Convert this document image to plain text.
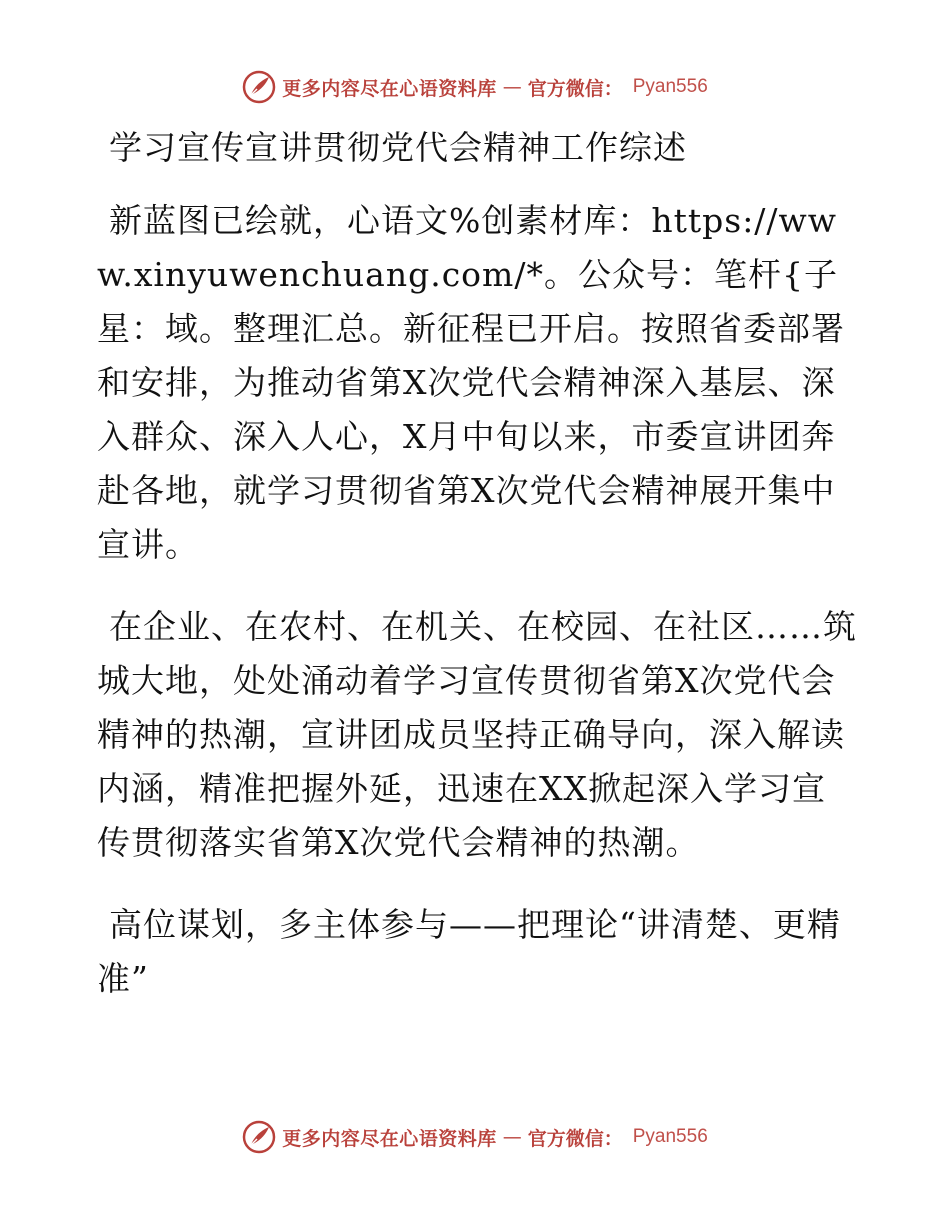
更多内容尽在心语资料库 — 官方微信： Pyan556
学习宣传宣讲贯彻党代会精神工作综述

新蓝图已绘就，心语文%创素材库：https://www.xinyuwenchuang.com/*。公众号：笔杆{子星：域。整理汇总。新征程已开启。按照省委部署和安排，为推动省第X次党代会精神深入基层、深入群众、深入人心，X月中旬以来，市委宣讲团奔赴各地，就学习贯彻省第X次党代会精神展开集中宣讲。

在企业、在农村、在机关、在校园、在社区……筑城大地，处处涌动着学习宣传贯彻省第X次党代会精神的热潮，宣讲团成员坚持正确导向，深入解读内涵，精准把握外延，迅速在XX掀起深入学习宣传贯彻落实省第X次党代会精神的热潮。

高位谋划，多主体参与——把理论“讲清楚、更精准”

更多内容尽在心语资料库 — 官方微信： Pyan556
